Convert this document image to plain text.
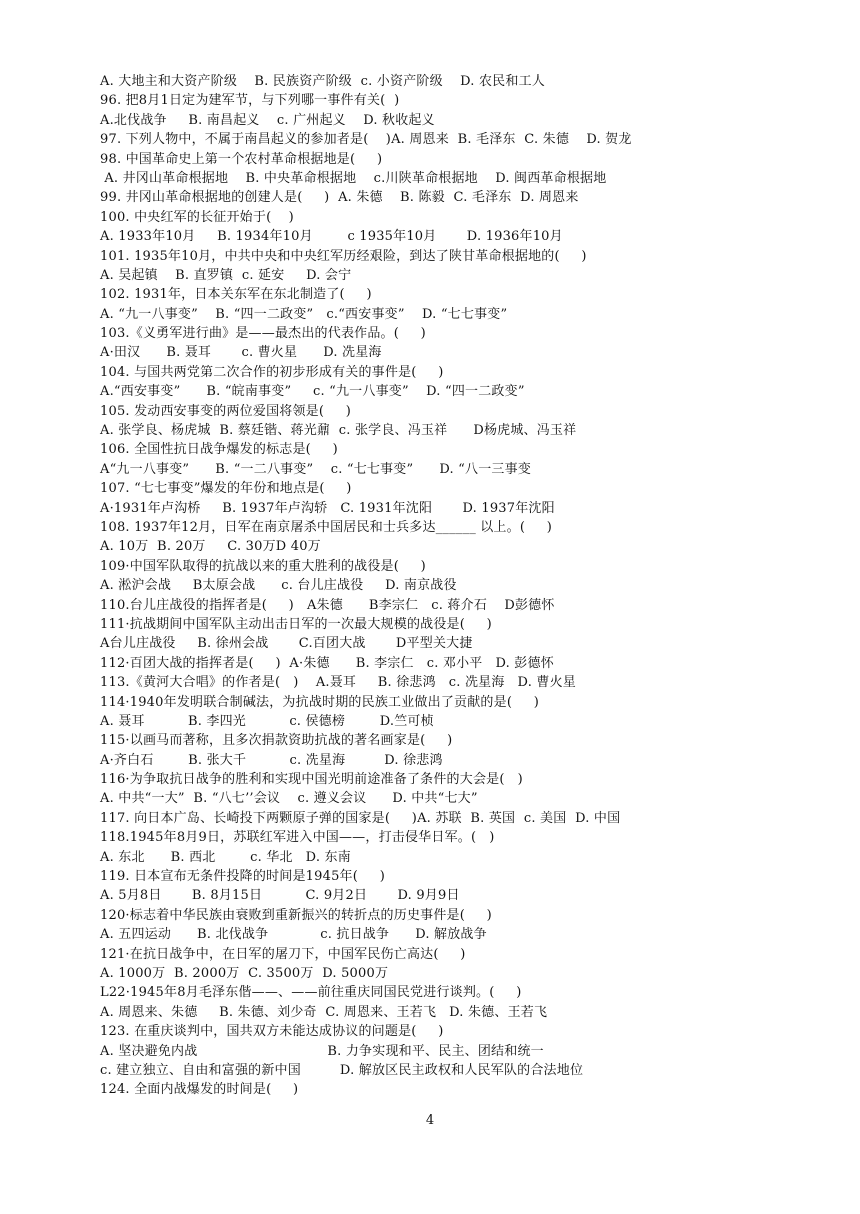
A. 大地主和大资产阶级    B. 民族资产阶级  c. 小资产阶级    D. 农民和工人
96. 把8月1日定为建军节，与下列哪一事件有关(  )
A.北伐战争     B. 南昌起义    c. 广州起义    D. 秋收起义
97. 下列人物中，不属于南昌起义的参加者是(    )A. 周恩来  B. 毛泽东  C. 朱德    D. 贺龙
98. 中国革命史上第一个农村革命根据地是(     )
A. 井冈山革命根据地    B. 中央革命根据地    c.川陕革命根据地    D. 闽西革命根据地
99. 井冈山革命根据地的创建人是(     )  A. 朱德    B. 陈毅  C. 毛泽东  D. 周恩来
100. 中央红军的长征开始于(    )
A. 1933年10月     B. 1934年10月        c 1935年10月       D. 1936年10月
101. 1935年10月，中共中央和中央红军历经艰险，到达了陕甘革命根据地的(     )
A. 吴起镇    B. 直罗镇  c. 延安     D. 会宁
102. 1931年，日本关东军在东北制造了(     )
A. “九一八事变”    B. “四一二政变”   c.“西安事变”    D. “七七事变”
103.《义勇军进行曲》是——最杰出的代表作品。(     )
A·田汉      B. 聂耳       c. 曹火星      D. 冼星海
104. 与国共两党第二次合作的初步形成有关的事件是(     )
A.“西安事变”      B. “皖南事变”     c. “九一八事变”    D. “四一二政变”
105. 发动西安事变的两位爱国将领是(     )
A. 张学良、杨虎城  B. 蔡廷锴、蒋光鼐  c. 张学良、冯玉祥      D杨虎城、冯玉祥
106. 全国性抗日战争爆发的标志是(     )
A“九一八事变”      B. “一二八事变”    c. “七七事变”      D. “八一三事变
107. “七七事变”爆发的年份和地点是(     )
A·1931年卢沟桥     B. 1937年卢沟轿   C. 1931年沈阳       D. 1937年沈阳
108. 1937年12月，日军在南京屠杀中国居民和士兵多达______ 以上。(     )
A. 10万  B. 20万     C. 30万D 40万
109·中国军队取得的抗战以来的重大胜利的战役是(     )
A. 淞沪会战     B太原会战      c. 台儿庄战役     D. 南京战役
110.台儿庄战役的指挥者是(     )   A朱德      B李宗仁   c. 蒋介石    D彭德怀
111·抗战期间中国军队主动出击日军的一次最大规模的战役是(     )
A台儿庄战役     B. 徐州会战       C.百团大战       D平型关大捷
112·百团大战的指挥者是(     )  A·朱德      B. 李宗仁   c. 邓小平   D. 彭德怀
113.《黄河大合唱》的作者是(   )    A.聂耳     B. 徐悲鸿   c. 冼星海   D. 曹火星
114·1940年发明联合制碱法，为抗战时期的民族工业做出了贡献的是(     )
A. 聂耳          B. 李四光          c. 侯德榜        D.竺可桢
115·以画马而著称，且多次捐款资助抗战的著名画家是(     )
A·齐白石        B. 张大千          c. 冼星海         D. 徐悲鸿
116·为争取抗日战争的胜利和实现中国光明前途准备了条件的大会是(   )
A. 中共“一大”  B. “八七’’会议    c. 遵义会议      D. 中共“七大”
117. 向日本广岛、长崎投下两颗原子弹的国家是(     )A. 苏联  B. 英国  c. 美国  D. 中国
118.1945年8月9日，苏联红军进入中国——，打击侵华日军。(   )
A. 东北      B. 西北        c. 华北   D. 东南
119. 日本宣布无条件投降的时间是1945年(     )
A. 5月8日       B. 8月15日          C. 9月2日       D. 9月9日
120·标志着中华民族由衰败到重新振兴的转折点的历史事件是(     )
A. 五四运动      B. 北伐战争            c. 抗日战争      D. 解放战争
121·在抗日战争中，在日军的屠刀下，中国军民伤亡高达(     )
A. 1000万  B. 2000万  C. 3500万  D. 5000万
L22·1945年8月毛泽东偕——、——前往重庆同国民党进行谈判。(     )
A. 周恩来、朱德     B. 朱德、刘少奇  C. 周恩来、王若飞   D. 朱德、王若飞
123. 在重庆谈判中，国共双方未能达成协议的问题是(     )
A. 坚决避免内战                              B. 力争实现和平、民主、团结和统一
c. 建立独立、自由和富强的新中国         D. 解放区民主政权和人民军队的合法地位
124. 全面内战爆发的时间是(     )
4
